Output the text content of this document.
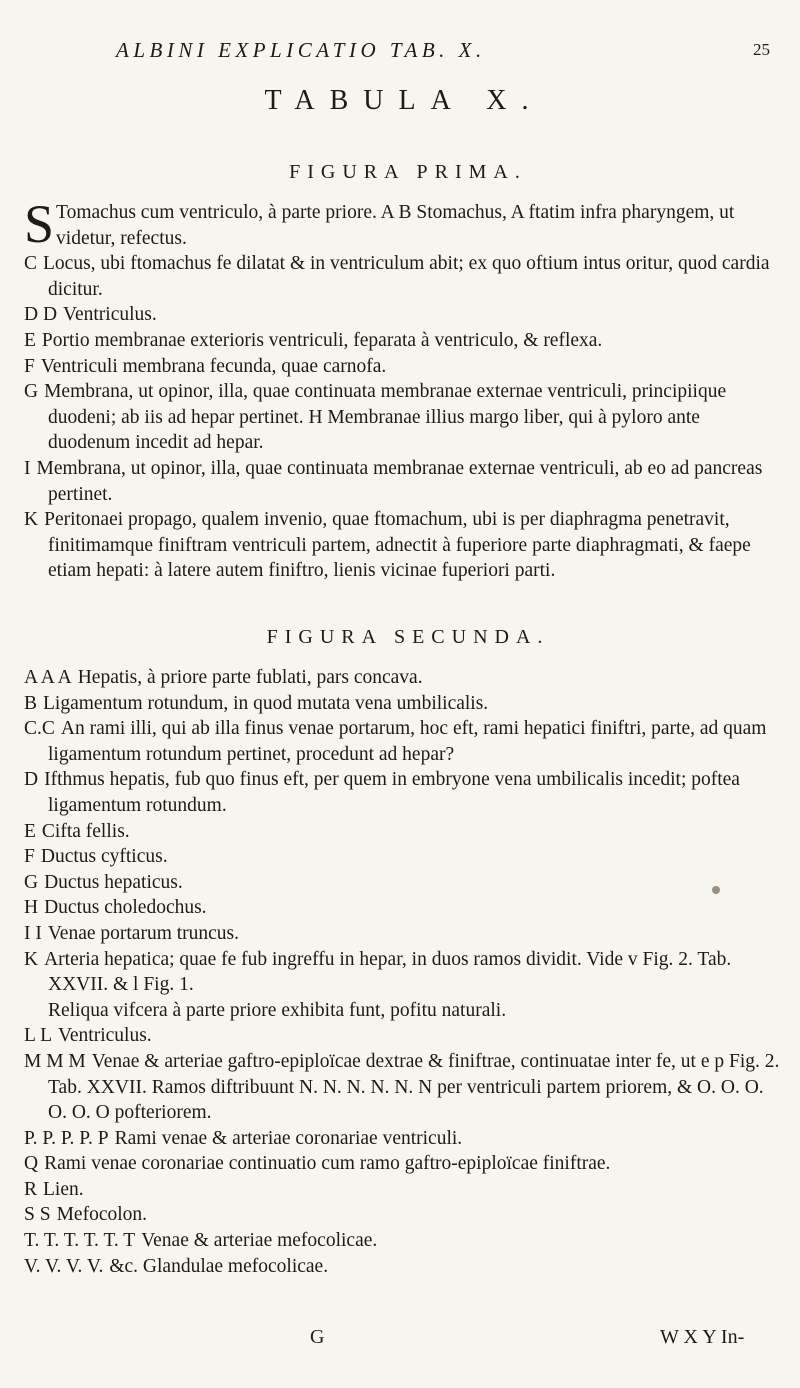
ALBINI EXPLICATIO TAB. X.	25
TABULA X.
FIGURA PRIMA.

S Tomachus cum ventriculo, à parte priore. A B Stomachus, A ftatim infra pharyngem, ut videtur, refectus.

C Locus, ubi ftomachus fe dilatat & in ventriculum abit; ex quo oftium intus oritur, quod cardia dicitur.

D D Ventriculus.

E Portio membranae exterioris ventriculi, feparata à ventriculo, & reflexa.

F Ventriculi membrana fecunda, quae carnofa.

G Membrana, ut opinor, illa, quae continuata membranae externae ventriculi, principiique duodeni; ab iis ad hepar pertinet. H Membranae illius margo liber, qui à pyloro ante duodenum incedit ad hepar.

I Membrana, ut opinor, illa, quae continuata membranae externae ventriculi, ab eo ad pancreas pertinet.

K Peritonaei propago, qualem invenio, quae ftomachum, ubi is per diaphragma penetravit, finitimamque finiftram ventriculi partem, adnectit à fuperiore parte diaphragmati, & faepe etiam hepati: à latere autem finiftro, lienis vicinae fuperiori parti.

FIGURA SECUNDA.

A A A Hepatis, à priore parte fublati, pars concava.

B Ligamentum rotundum, in quod mutata vena umbilicalis.

C.C An rami illi, qui ab illa finus venae portarum, hoc eft, rami hepatici finiftri, parte, ad quam ligamentum rotundum pertinet, procedunt ad hepar?

D Ifthmus hepatis, fub quo finus eft, per quem in embryone vena umbilicalis incedit; poftea ligamentum rotundum.

E Cifta fellis.

F Ductus cyfticus.

G Ductus hepaticus.

H Ductus choledochus.

I I Venae portarum truncus.

K Arteria hepatica; quae fe fub ingreffu in hepar, in duos ramos dividit. Vide v Fig. 2. Tab. XXVII. & l Fig. 1.

Reliqua vifcera à parte priore exhibita funt, pofitu naturali.

L L Ventriculus.

M M M Venae & arteriae gaftro-epiploïcae dextrae & finiftrae, continuatae inter fe, ut e p Fig. 2. Tab. XXVII. Ramos diftribuunt N. N. N. N. N. N per ventriculi partem priorem, & O. O. O. O. O. O pofteriorem.

P. P. P. P. P Rami venae & arteriae coronariae ventriculi.

Q Rami venae coronariae continuatio cum ramo gaftro-epiploïcae finiftrae.

R Lien.

S S Mefocolon.

T. T. T. T. T. T Venae & arteriae mefocolicae.

V. V. V. V. &c. Glandulae mefocolicae.

G	W X Y In-
